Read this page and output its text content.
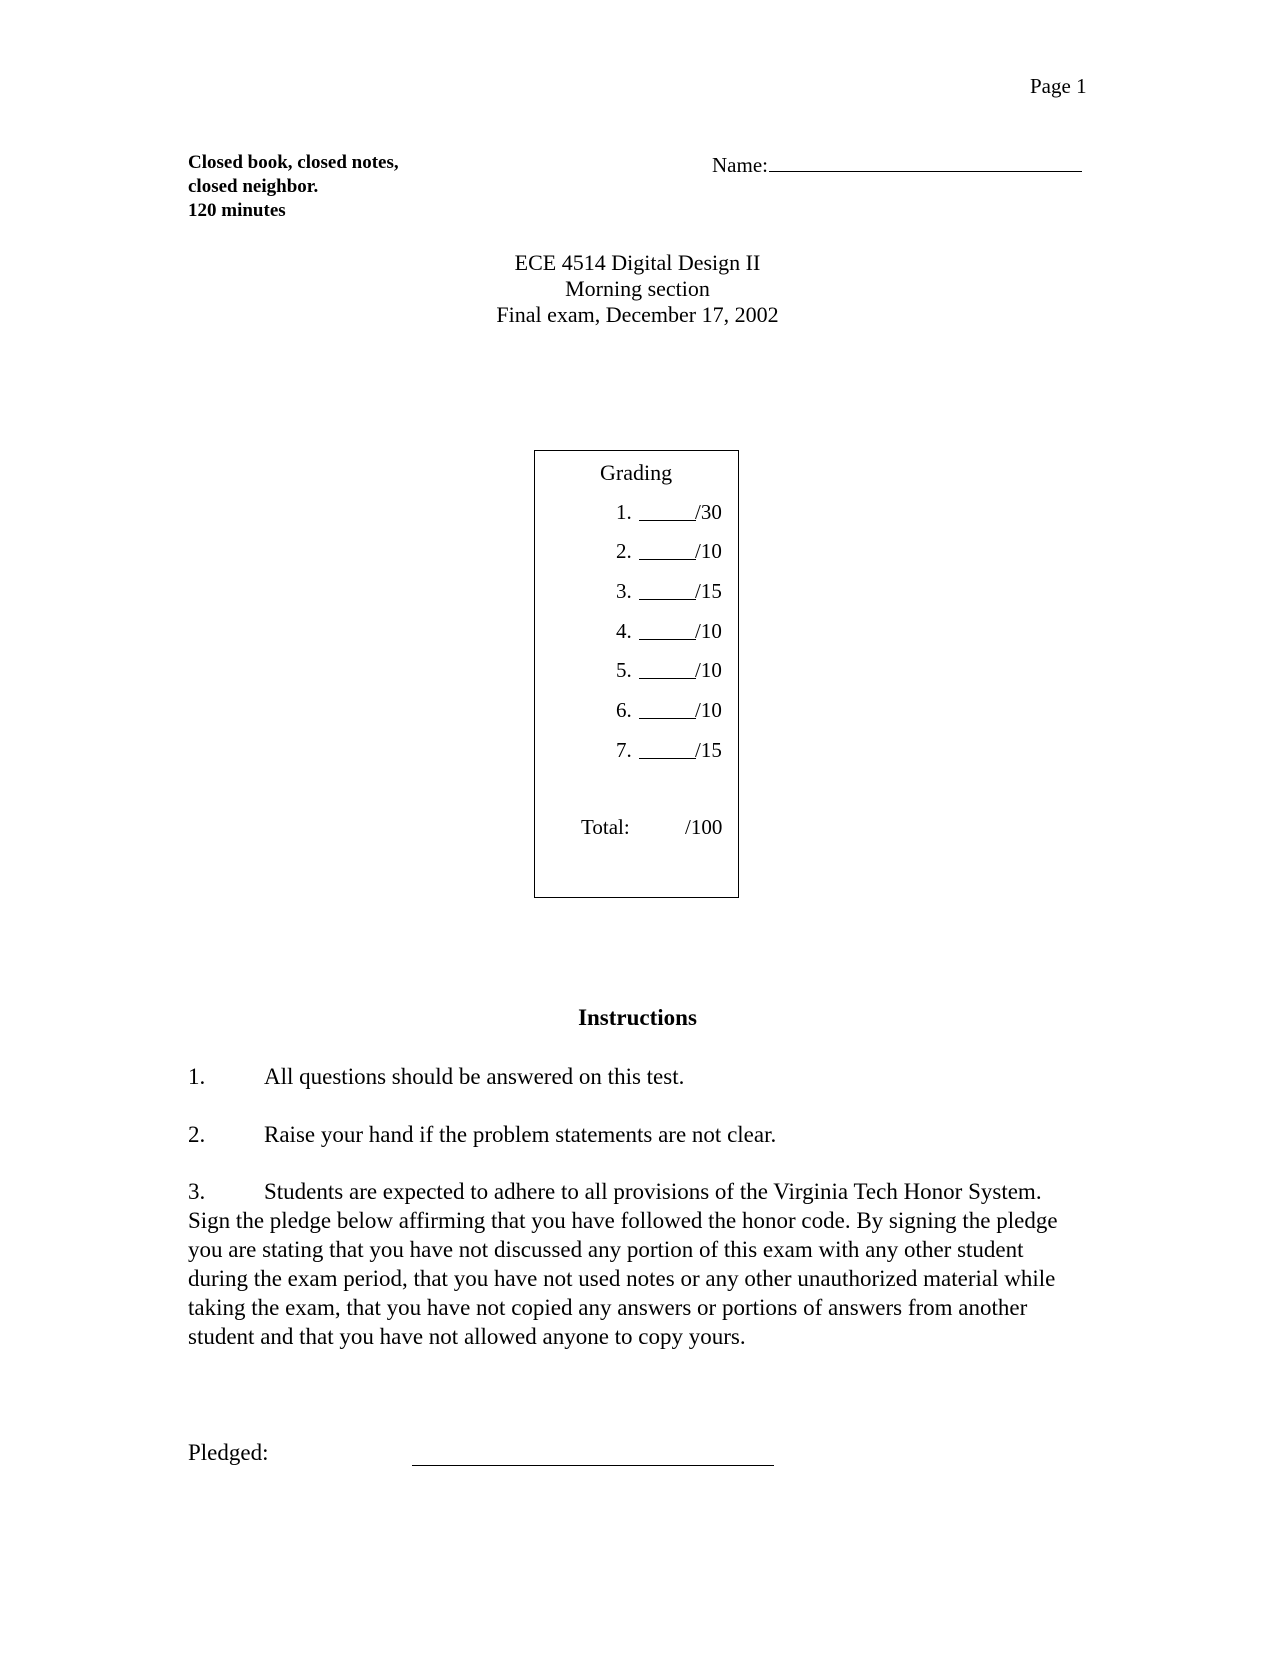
Page 1
Closed book, closed notes,
closed neighbor.
120 minutes
Name:
ECE 4514 Digital Design II
Morning section
Final exam, December 17, 2002
Grading
1.	/30
2.	/10
3.	/15
4.	/10
5.	/10
6.	/10
7.	/15
Total:	/100
Instructions
1.	All questions should be answered on this test.
2.	Raise your hand if the problem statements are not clear.
3.	Students are expected to adhere to all provisions of the Virginia Tech Honor System. Sign the pledge below affirming that you have followed the honor code. By signing the pledge you are stating that you have not discussed any portion of this exam with any other student during the exam period, that you have not used notes or any other unauthorized material while taking the exam, that you have not copied any answers or portions of answers from another student and that you have not allowed anyone to copy yours.
Pledged:
